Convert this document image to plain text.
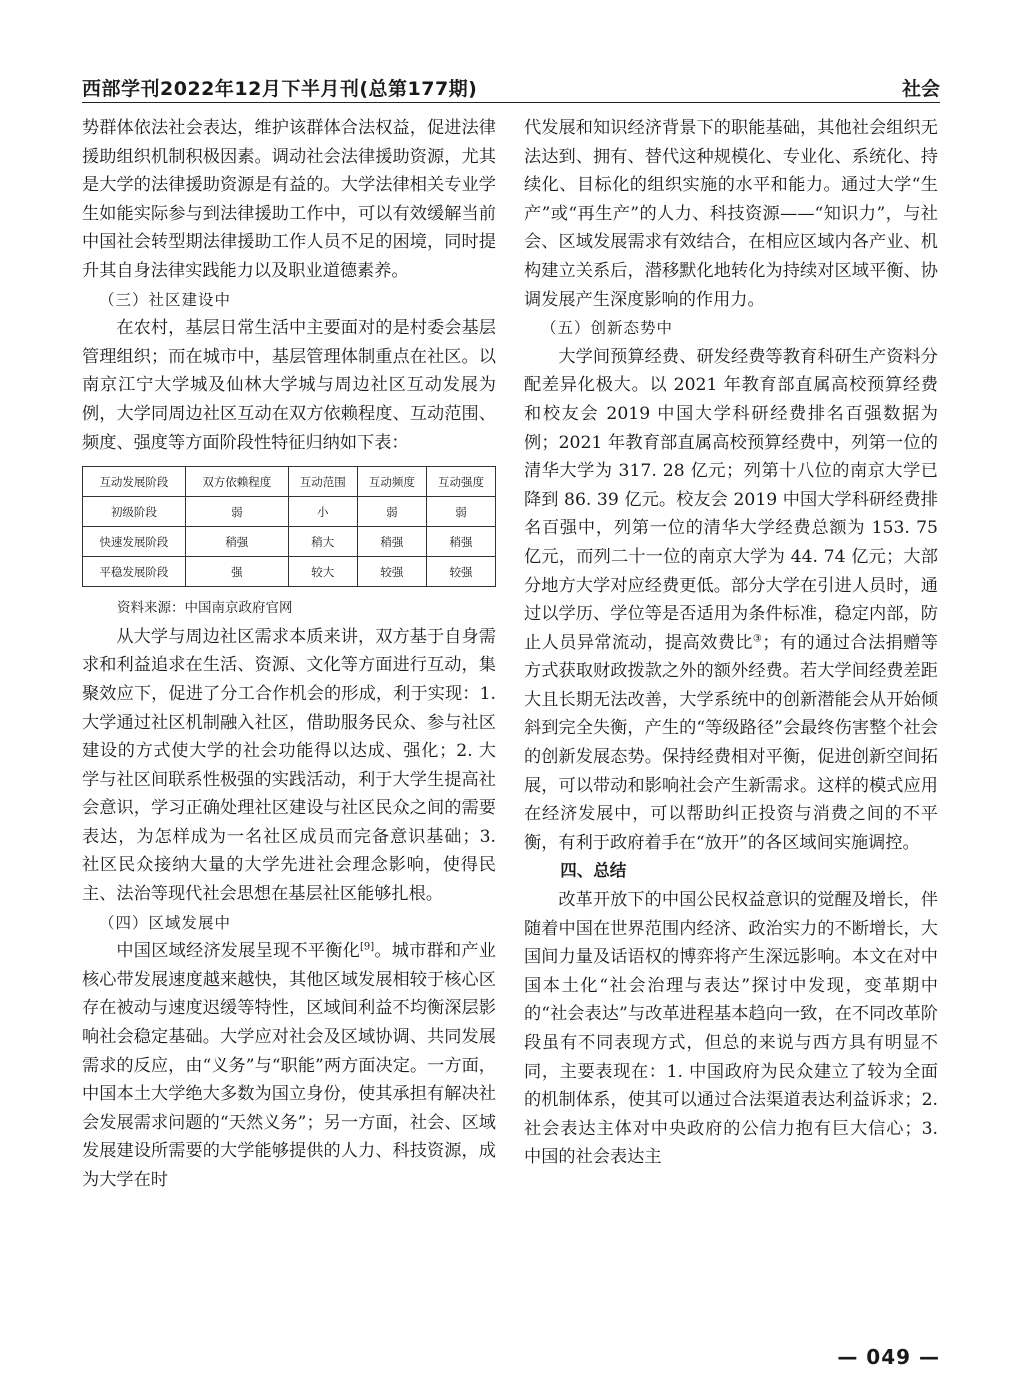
西部学刊2022年12月下半月刊(总第177期)	社会

势群体依法社会表达，维护该群体合法权益，促进法律援助组织机制积极因素。调动社会法律援助资源，尤其是大学的法律援助资源是有益的。大学法律相关专业学生如能实际参与到法律援助工作中，可以有效缓解当前中国社会转型期法律援助工作人员不足的困境，同时提升其自身法律实践能力以及职业道德素养。

（三）社区建设中

在农村，基层日常生活中主要面对的是村委会基层管理组织；而在城市中，基层管理体制重点在社区。以南京江宁大学城及仙林大学城与周边社区互动发展为例，大学同周边社区互动在双方依赖程度、互动范围、频度、强度等方面阶段性特征归纳如下表：

互动发展阶段	双方依赖程度	互动范围	互动频度	互动强度
初级阶段	弱	小	弱	弱
快速发展阶段	稍强	稍大	稍强	稍强
平稳发展阶段	强	较大	较强	较强

资料来源：中国南京政府官网

从大学与周边社区需求本质来讲，双方基于自身需求和利益追求在生活、资源、文化等方面进行互动，集聚效应下，促进了分工合作机会的形成，利于实现：1. 大学通过社区机制融入社区，借助服务民众、参与社区建设的方式使大学的社会功能得以达成、强化；2. 大学与社区间联系性极强的实践活动，利于大学生提高社会意识，学习正确处理社区建设与社区民众之间的需要表达，为怎样成为一名社区成员而完备意识基础；3. 社区民众接纳大量的大学先进社会理念影响，使得民主、法治等现代社会思想在基层社区能够扎根。

（四）区域发展中

中国区域经济发展呈现不平衡化[9]。城市群和产业核心带发展速度越来越快，其他区域发展相较于核心区存在被动与速度迟缓等特性，区域间利益不均衡深层影响社会稳定基础。大学应对社会及区域协调、共同发展需求的反应，由“义务”与“职能”两方面决定。一方面，中国本土大学绝大多数为国立身份，使其承担有解决社会发展需求问题的“天然义务”；另一方面，社会、区域发展建设所需要的大学能够提供的人力、科技资源，成为大学在时

代发展和知识经济背景下的职能基础，其他社会组织无法达到、拥有、替代这种规模化、专业化、系统化、持续化、目标化的组织实施的水平和能力。通过大学“生产”或“再生产”的人力、科技资源——“知识力”，与社会、区域发展需求有效结合，在相应区域内各产业、机构建立关系后，潜移默化地转化为持续对区域平衡、协调发展产生深度影响的作用力。

（五）创新态势中

大学间预算经费、研发经费等教育科研生产资料分配差异化极大。以 2021 年教育部直属高校预算经费和校友会 2019 中国大学科研经费排名百强数据为例；2021 年教育部直属高校预算经费中，列第一位的清华大学为 317. 28 亿元；列第十八位的南京大学已降到 86. 39 亿元。校友会 2019 中国大学科研经费排名百强中，列第一位的清华大学经费总额为 153. 75 亿元，而列二十一位的南京大学为 44. 74 亿元；大部分地方大学对应经费更低。部分大学在引进人员时，通过以学历、学位等是否适用为条件标准，稳定内部，防止人员异常流动，提高效费比③；有的通过合法捐赠等方式获取财政拨款之外的额外经费。若大学间经费差距大且长期无法改善，大学系统中的创新潜能会从开始倾斜到完全失衡，产生的“等级路径”会最终伤害整个社会的创新发展态势。保持经费相对平衡，促进创新空间拓展，可以带动和影响社会产生新需求。这样的模式应用在经济发展中，可以帮助纠正投资与消费之间的不平衡，有利于政府着手在“放开”的各区域间实施调控。

四、总结

改革开放下的中国公民权益意识的觉醒及增长，伴随着中国在世界范围内经济、政治实力的不断增长，大国间力量及话语权的博弈将产生深远影响。本文在对中国本土化“社会治理与表达”探讨中发现，变革期中的“社会表达”与改革进程基本趋向一致，在不同改革阶段虽有不同表现方式，但总的来说与西方具有明显不同，主要表现在：1. 中国政府为民众建立了较为全面的机制体系，使其可以通过合法渠道表达利益诉求；2. 社会表达主体对中央政府的公信力抱有巨大信心；3. 中国的社会表达主

— 049 —
